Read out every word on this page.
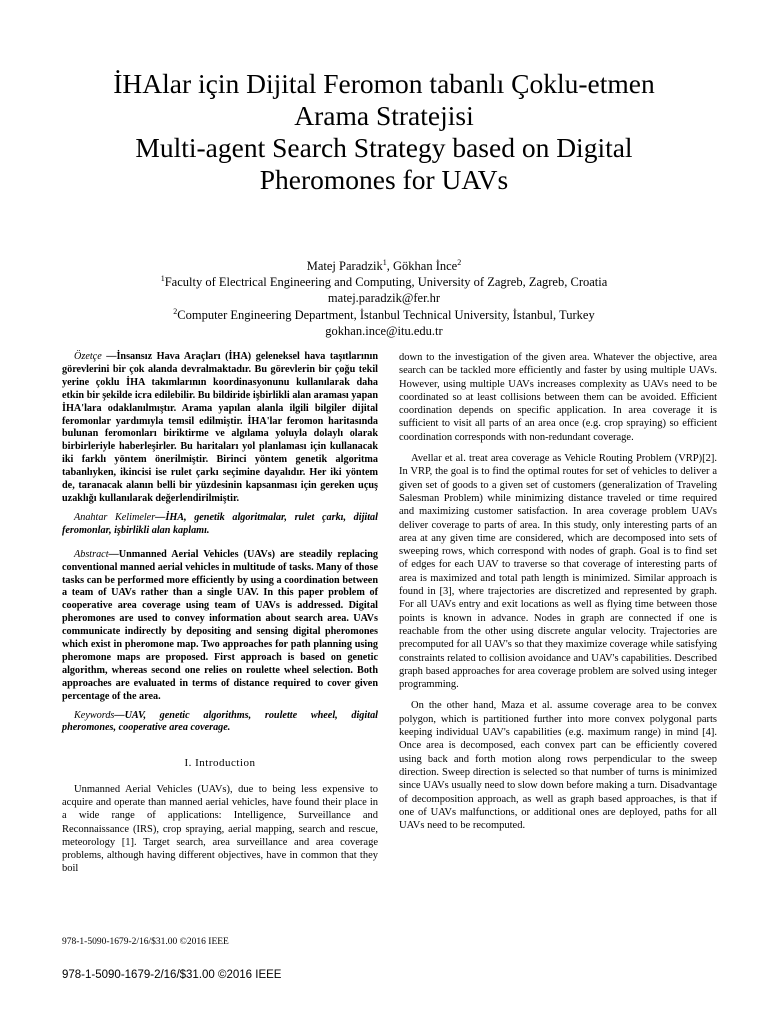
İHAlar için Dijital Feromon tabanlı Çoklu-etmen
Arama Stratejisi
Multi-agent Search Strategy based on Digital
Pheromones for UAVs
Matej Paradzik$^1$, Gökhan İnce$^2$
$^1$Faculty of Electrical Engineering and Computing, University of Zagreb, Zagreb, Croatia
matej.paradzik@fer.hr
$^2$Computer Engineering Department, İstanbul Technical University, İstanbul, Turkey
gokhan.ince@itu.edu.tr

Özetçe —İnsansız Hava Araçları (İHA) geleneksel hava taşıtlarının görevlerini bir çok alanda devralmaktadır. Bu görevlerin bir çoğu tekil yerine çoklu İHA takımlarının koordinasyonunu kullanılarak daha etkin bir şekilde icra edilebilir. Bu bildiride işbirlikli alan araması yapan İHA'lara odaklanılmıştır. Arama yapılan alanla ilgili bilgiler dijital feromonlar yardımıyla temsil edilmiştir. İHA'lar feromon haritasında bulunan feromonları biriktirme ve algılama yoluyla dolaylı olarak birbirleriyle haberleşirler. Bu haritaları yol planlaması için kullanacak iki farklı yöntem önerilmiştir. Birinci yöntem genetik algoritma tabanlıyken, ikincisi ise rulet çarkı seçimine dayalıdır. Her iki yöntem de, taranacak alanın belli bir yüzdesinin kapsanması için gereken uçuş uzaklığı kullanılarak değerlendirilmiştir.

Anahtar Kelimeler—İHA, genetik algoritmalar, rulet çarkı, dijital feromonlar, işbirlikli alan kaplamı.

Abstract—Unmanned Aerial Vehicles (UAVs) are steadily replacing conventional manned aerial vehicles in multitude of tasks. Many of those tasks can be performed more efficiently by using a coordination between a team of UAVs rather than a single UAV. In this paper problem of cooperative area coverage using team of UAVs is addressed. Digital pheromones are used to convey information about search area. UAVs communicate indirectly by depositing and sensing digital pheromones which exist in pheromone map. Two approaches for path planning using pheromone maps are proposed. First approach is based on genetic algorithm, whereas second one relies on roulette wheel selection. Both approaches are evaluated in terms of distance required to cover given percentage of the area.

Keywords—UAV, genetic algorithms, roulette wheel, digital pheromones, cooperative area coverage.

I. Introduction

Unmanned Aerial Vehicles (UAVs), due to being less expensive to acquire and operate than manned aerial vehicles, have found their place in a wide range of applications: Intelligence, Surveillance and Reconnaissance (IRS), crop spraying, aerial mapping, search and rescue, meteorology [1]. Target search, area surveillance and area coverage problems, although having different objectives, have in common that they boil

down to the investigation of the given area. Whatever the objective, area search can be tackled more efficiently and faster by using multiple UAVs. However, using multiple UAVs increases complexity as UAVs need to be coordinated so at least collisions between them can be avoided. Efficient coordination depends on specific application. In area coverage it is sufficient to visit all parts of an area once (e.g. crop spraying) so efficient coordination corresponds with non-redundant coverage.

Avellar et al. treat area coverage as Vehicle Routing Problem (VRP)[2]. In VRP, the goal is to find the optimal routes for set of vehicles to deliver a given set of goods to a given set of customers (generalization of Traveling Salesman Problem) while minimizing distance traveled or time required and maximizing customer satisfaction. In area coverage problem UAVs deliver coverage to parts of area. In this study, only interesting parts of an area at any given time are considered, which are decomposed into sets of sweeping rows, which correspond with nodes of graph. Goal is to find set of edges for each UAV to traverse so that coverage of interesting parts of area is maximized and total path length is minimized. Similar approach is found in [3], where trajectories are discretized and represented by graph. For all UAVs entry and exit locations as well as flying time between those points is known in advance. Nodes in graph are connected if one is reachable from the other using discrete angular velocity. Trajectories are precomputed for all UAV's so that they maximize coverage while satisfying constraints related to collision avoidance and UAV's capabilities. Described graph based approaches for area coverage problem are solved using integer programming.

On the other hand, Maza et al. assume coverage area to be convex polygon, which is partitioned further into more convex polygonal parts keeping individual UAV's capabilities (e.g. maximum range) in mind [4]. Once area is decomposed, each convex part can be efficiently covered using back and forth motion along rows perpendicular to the sweep direction. Sweep direction is selected so that number of turns is minimized since UAVs usually need to slow down before making a turn. Disadvantage of decomposition approach, as well as graph based approaches, is that if one of UAVs malfunctions, or additional ones are deployed, paths for all UAVs need to be recomputed.

978-1-5090-1679-2/16/$31.00 ©2016 IEEE
978-1-5090-1679-2/16/$31.00 ©2016 IEEE
